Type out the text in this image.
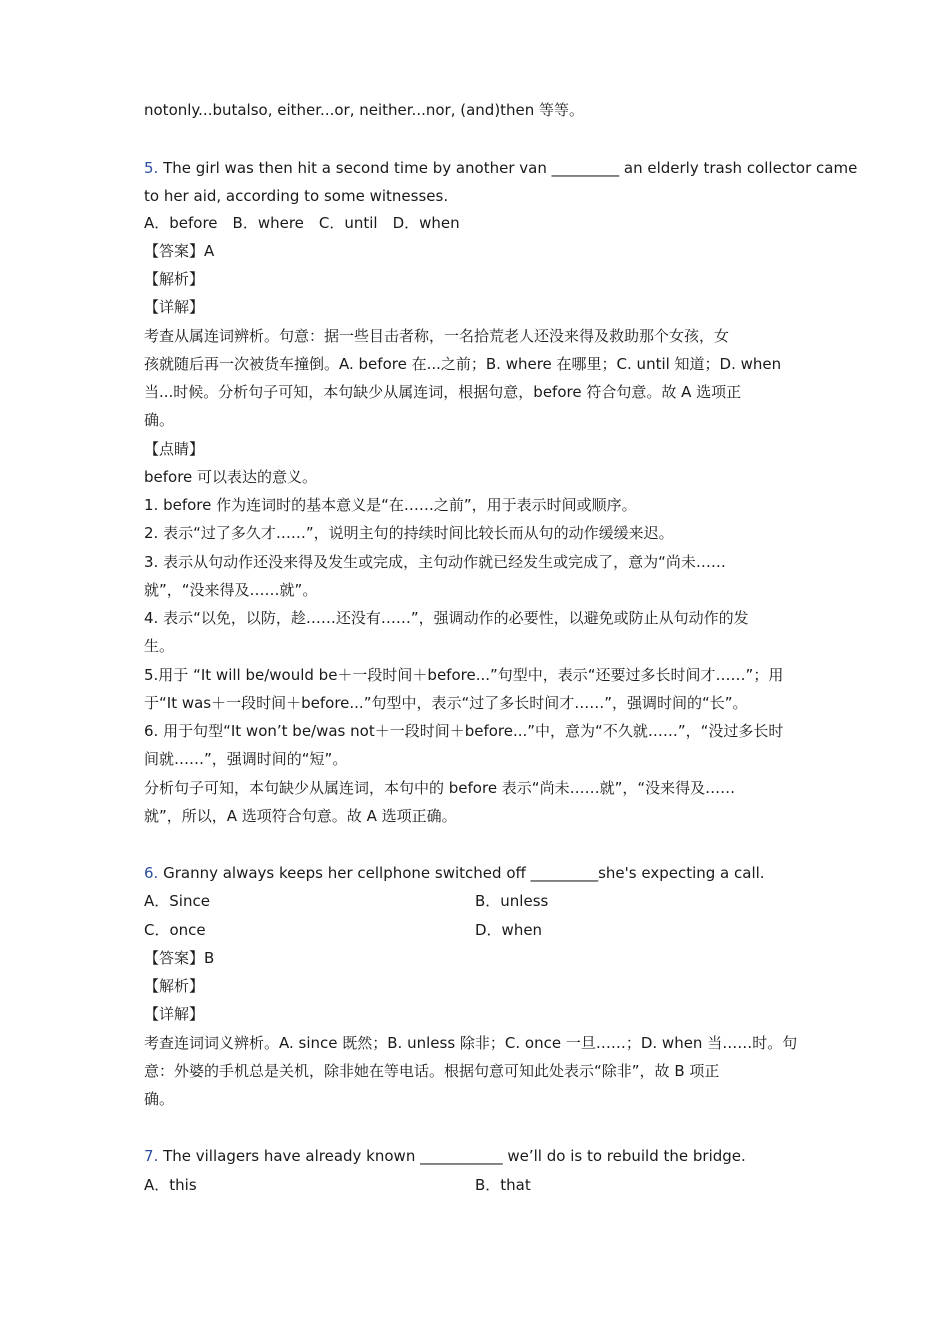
notonly...butalso, either...or, neither...nor, (and)then 等等。
5. The girl was then hit a second time by another van _________ an elderly trash collector came
to her aid, according to some witnesses.
A．before　B．where　C．until　D．when
【答案】A
【解析】
【详解】
考查从属连词辨析。句意：据一些目击者称，一名拾荒老人还没来得及救助那个女孩，女
孩就随后再一次被货车撞倒。A. before 在...之前；B. where 在哪里；C. until 知道；D. when
当...时候。分析句子可知，本句缺少从属连词，根据句意，before 符合句意。故 A 选项正
确。
【点睛】
before 可以表达的意义。
1. before 作为连词时的基本意义是“在……之前”，用于表示时间或顺序。
2. 表示“过了多久才……”，说明主句的持续时间比较长而从句的动作缓缓来迟。
3. 表示从句动作还没来得及发生或完成，主句动作就已经发生或完成了，意为“尚未……
就”，“没来得及……就”。
4. 表示“以免，以防，趁……还没有……”，强调动作的必要性，以避免或防止从句动作的发
生。
5.用于 “It will be/would be＋一段时间＋before...”句型中，表示“还要过多长时间才……”；用
于“It was＋一段时间＋before...”句型中，表示“过了多长时间才……”，强调时间的“长”。
6. 用于句型“It won’t be/was not＋一段时间＋before...”中，意为“不久就……”，“没过多长时
间就……”，强调时间的“短”。
分析句子可知，本句缺少从属连词，本句中的 before 表示“尚未……就”，“没来得及……
就”，所以，A 选项符合句意。故 A 选项正确。
6. Granny always keeps her cellphone switched off _________she's expecting a call.
A．Since	B．unless
C．once	D．when
【答案】B
【解析】
【详解】
考查连词词义辨析。A. since 既然；B. unless 除非；C. once 一旦……；D. when 当……时。句
意：外婆的手机总是关机，除非她在等电话。根据句意可知此处表示“除非”，故 B 项正
确。
7. The villagers have already known ___________ we’ll do is to rebuild the bridge.
A．this	B．that
